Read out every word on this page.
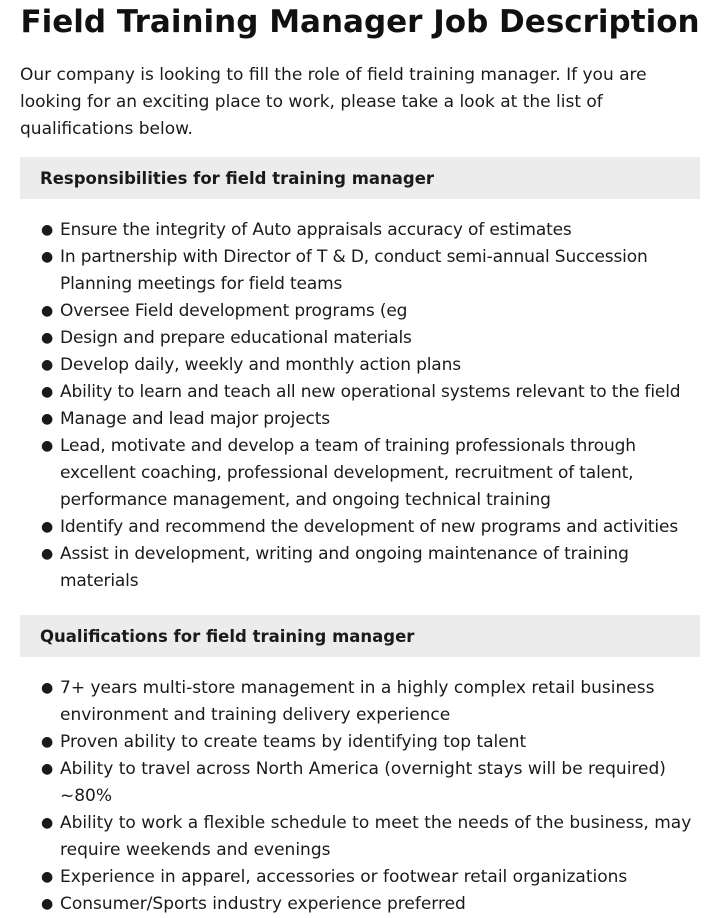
Field Training Manager Job Description

Our company is looking to fill the role of field training manager. If you are looking for an exciting place to work, please take a look at the list of qualifications below.

Responsibilities for field training manager
● Ensure the integrity of Auto appraisals accuracy of estimates
● In partnership with Director of T & D, conduct semi-annual Succession Planning meetings for field teams
● Oversee Field development programs (eg
● Design and prepare educational materials
● Develop daily, weekly and monthly action plans
● Ability to learn and teach all new operational systems relevant to the field
● Manage and lead major projects
● Lead, motivate and develop a team of training professionals through excellent coaching, professional development, recruitment of talent, performance management, and ongoing technical training
● Identify and recommend the development of new programs and activities
● Assist in development, writing and ongoing maintenance of training materials
Qualifications for field training manager
● 7+ years multi-store management in a highly complex retail business environment and training delivery experience
● Proven ability to create teams by identifying top talent
● Ability to travel across North America (overnight stays will be required) ~80%
● Ability to work a flexible schedule to meet the needs of the business, may require weekends and evenings
● Experience in apparel, accessories or footwear retail organizations
● Consumer/Sports industry experience preferred
